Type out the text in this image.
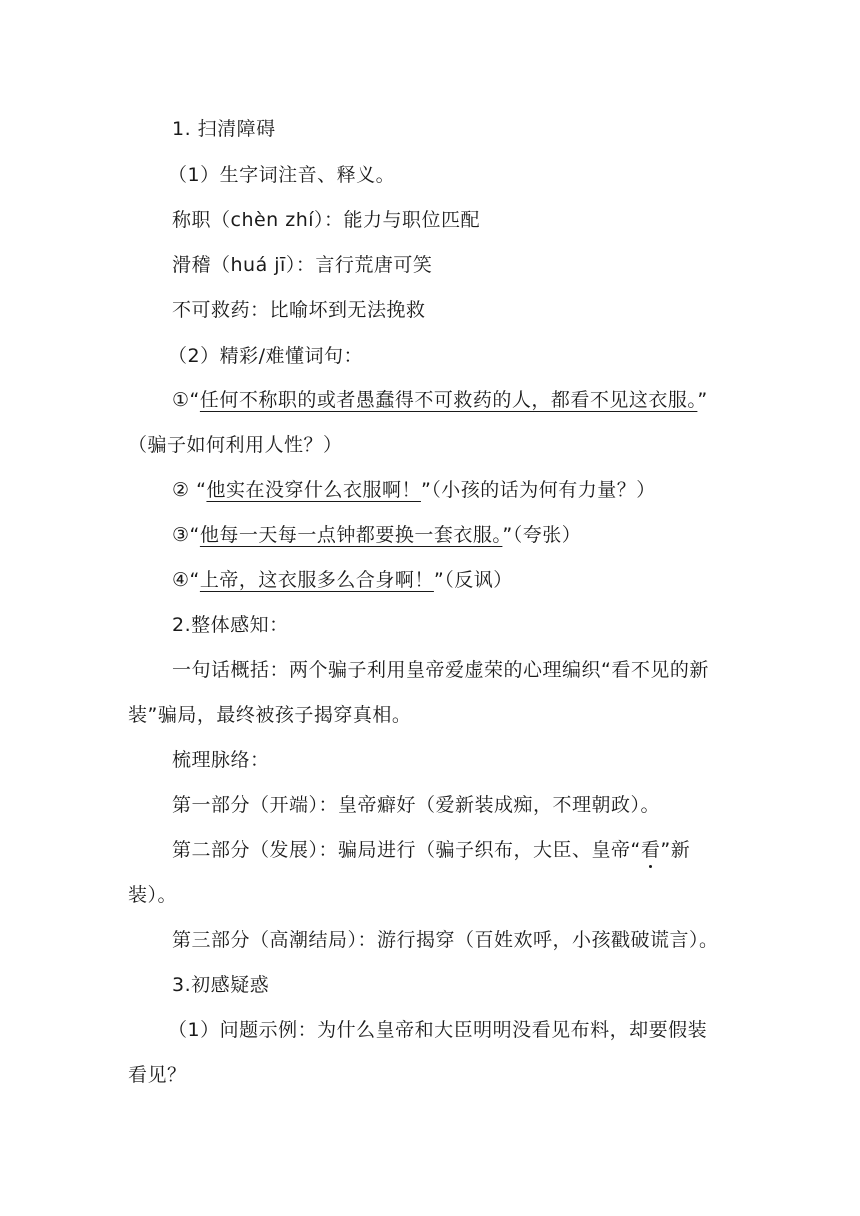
1. 扫清障碍
（1）生字词注音、释义。
称职（chèn zhí）：能力与职位匹配
滑稽（huá jī）：言行荒唐可笑
不可救药：比喻坏到无法挽救
（2）精彩/难懂词句：
①“任何不称职的或者愚蠢得不可救药的人，都看不见这衣服。”
（骗子如何利用人性？）
② “他实在没穿什么衣服啊！”（小孩的话为何有力量？）
③“他每一天每一点钟都要换一套衣服。”（夸张）
④“上帝，这衣服多么合身啊！”（反讽）
2.整体感知：
一句话概括：两个骗子利用皇帝爱虚荣的心理编织“看不见的新
装”骗局，最终被孩子揭穿真相。
梳理脉络：
第一部分（开端）：皇帝癖好（爱新装成痴，不理朝政）。
第二部分（发展）：骗局进行（骗子织布，大臣、皇帝“看”新
装）。
第三部分（高潮结局）：游行揭穿（百姓欢呼，小孩戳破谎言）。
3.初感疑惑
（1）问题示例：为什么皇帝和大臣明明没看见布料，却要假装
看见？
